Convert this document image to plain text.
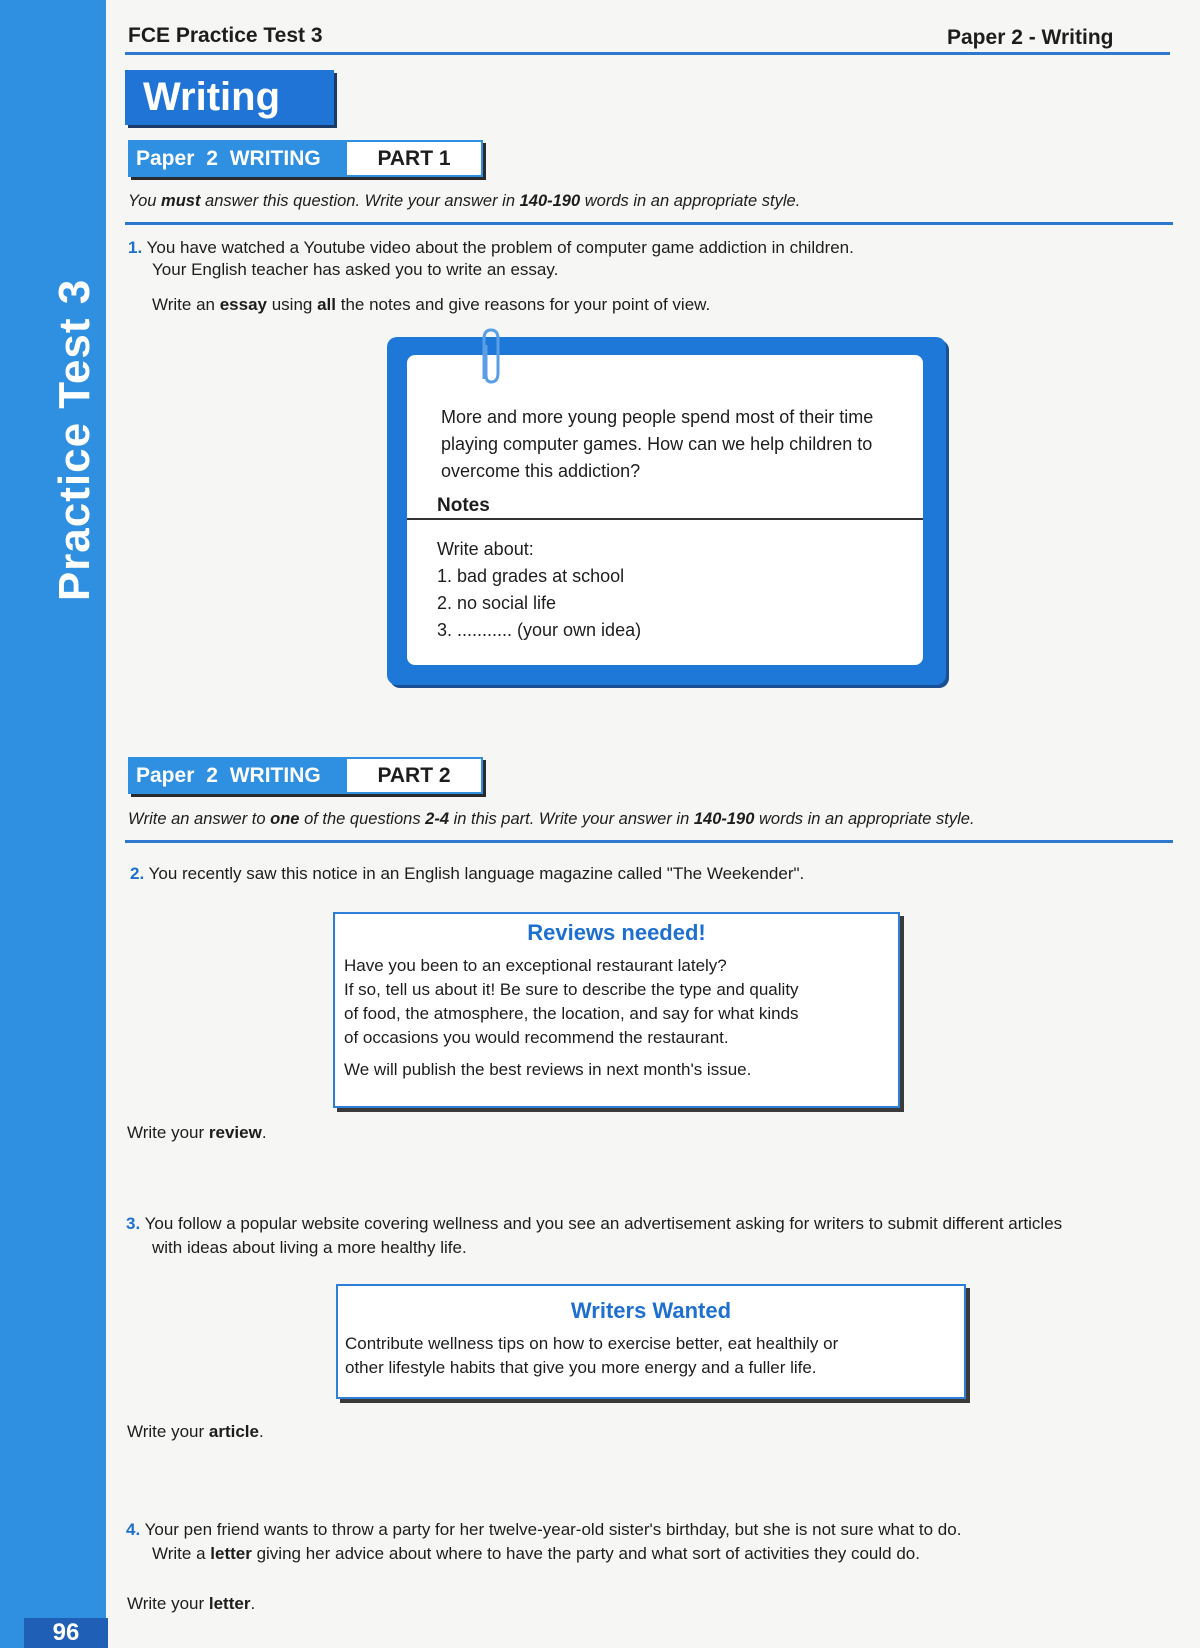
Practice Test 3
96
FCE Practice Test 3	Paper 2 - Writing
Writing
Paper 2 WRITING	PART 1
You must answer this question. Write your answer in 140-190 words in an appropriate style.
1. You have watched a Youtube video about the problem of computer game addiction in children.
Your English teacher has asked you to write an essay.
Write an essay using all the notes and give reasons for your point of view.
More and more young people spend most of their time playing computer games. How can we help children to overcome this addiction?
Notes
Write about:
1. bad grades at school
2. no social life
3. ........... (your own idea)
Paper 2 WRITING	PART 2
Write an answer to one of the questions 2-4 in this part. Write your answer in 140-190 words in an appropriate style.
2. You recently saw this notice in an English language magazine called "The Weekender".
Reviews needed!
Have you been to an exceptional restaurant lately?
If so, tell us about it! Be sure to describe the type and quality
of food, the atmosphere, the location, and say for what kinds
of occasions you would recommend the restaurant.
We will publish the best reviews in next month's issue.
Write your review.
3. You follow a popular website covering wellness and you see an advertisement asking for writers to submit different articles
with ideas about living a more healthy life.
Writers Wanted
Contribute wellness tips on how to exercise better, eat healthily or
other lifestyle habits that give you more energy and a fuller life.
Write your article.
4. Your pen friend wants to throw a party for her twelve-year-old sister's birthday, but she is not sure what to do.
Write a letter giving her advice about where to have the party and what sort of activities they could do.
Write your letter.
